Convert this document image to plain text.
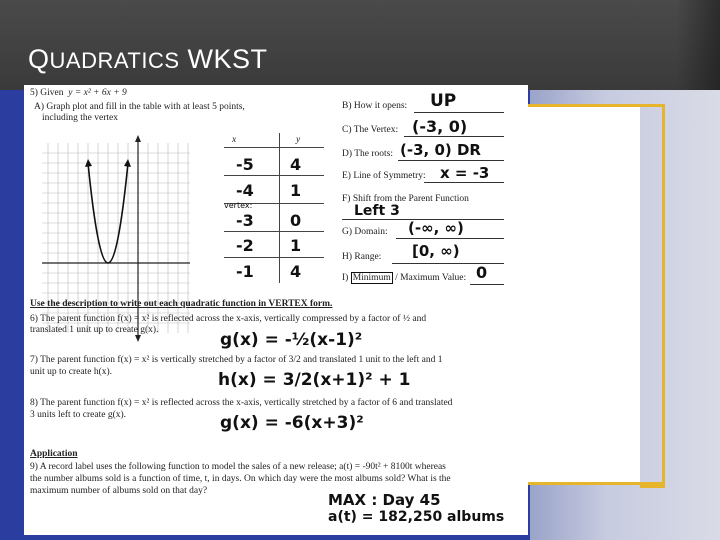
QUADRATICS WKST
5) Given y = x² + 6x + 9
A) Graph plot and fill in the table with at least 5 points,
including the vertex
x	y
vertex:
-5 4
-4 1
-3 0
-2 1
-1 4
B) How it opens: UP
C) The Vertex: (-3, 0)
D) The roots: (-3, 0) DR
E) Line of Symmetry: x = -3
F) Shift from the Parent Function
Left 3
G) Domain: (-∞, ∞)
H) Range: [0, ∞)
I) Minimum / Maximum Value: 0
Use the description to write out each quadratic function in VERTEX form.
6) The parent function f(x) = x² is reflected across the x-axis, vertically compressed by a factor of ½ and
translated 1 unit up to create g(x).	g(x) = -½(x-1)²
7) The parent function f(x) = x² is vertically stretched by a factor of 3/2 and translated 1 unit to the left and 1
unit up to create h(x).	h(x) = 3/2(x+1)² + 1
8) The parent function f(x) = x² is reflected across the x-axis, vertically stretched by a factor of 6 and translated
3 units left to create g(x).	g(x) = -6(x+3)²
Application
9) A record label uses the following function to model the sales of a new release; a(t) = -90t² + 8100t whereas
the number albums sold is a function of time, t, in days. On which day were the most albums sold? What is the
maximum number of albums sold on that day?	MAX : Day 45
a(t) = 182,250 albums
